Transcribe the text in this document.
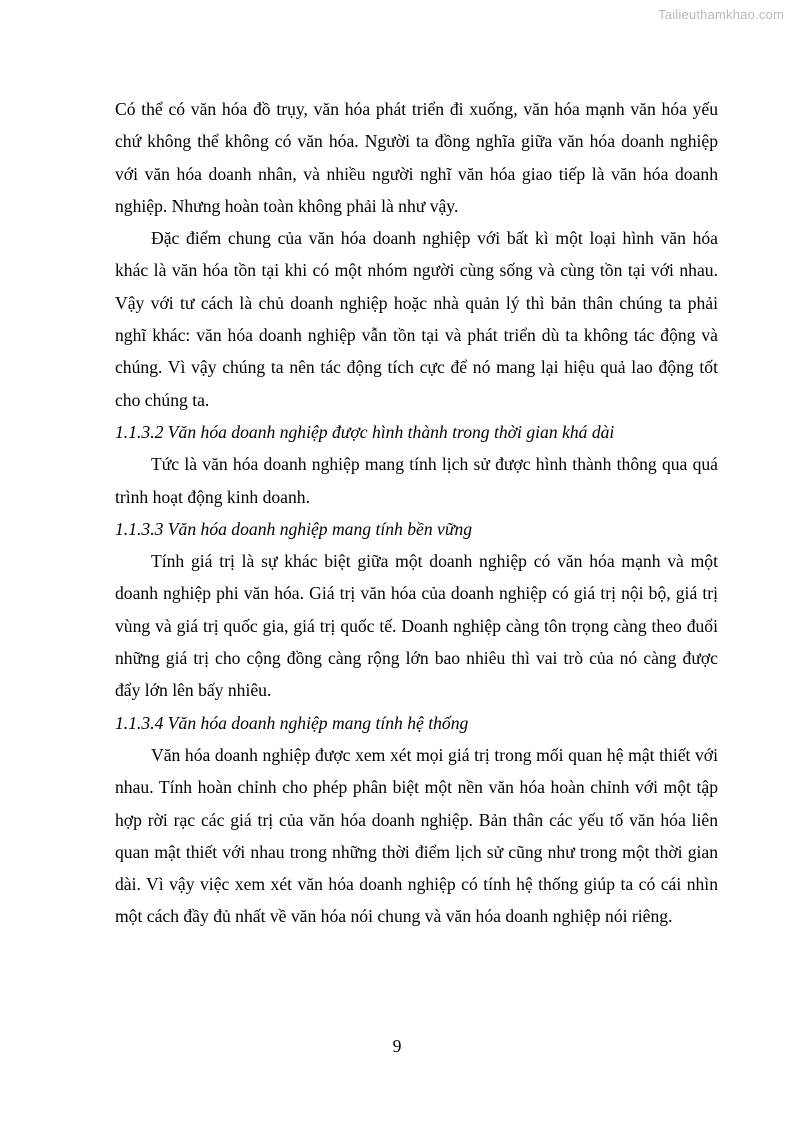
Tailieuthamkhao.com

Có thể có văn hóa đồ trụy, văn hóa phát triển đi xuống, văn hóa mạnh văn hóa yếu chứ không thể không có văn hóa. Người ta đồng nghĩa giữa văn hóa doanh nghiệp với văn hóa doanh nhân, và nhiều người nghĩ văn hóa giao tiếp là văn hóa doanh nghiệp. Nhưng hoàn toàn không phải là như vậy.

Đặc điểm chung của văn hóa doanh nghiệp với bất kì một loại hình văn hóa khác là văn hóa tồn tại khi có một nhóm người cùng sống và cùng tồn tại với nhau. Vậy với tư cách là chủ doanh nghiệp hoặc nhà quản lý thì bản thân chúng ta phải nghĩ khác: văn hóa doanh nghiệp vẫn tồn tại và phát triển dù ta không tác động và chúng. Vì vậy chúng ta nên tác động tích cực để nó mang lại hiệu quả lao động tốt cho chúng ta.

1.1.3.2 Văn hóa doanh nghiệp được hình thành trong thời gian khá dài

Tức là văn hóa doanh nghiệp mang tính lịch sử được hình thành thông qua quá trình hoạt động kinh doanh.

1.1.3.3 Văn hóa doanh nghiệp mang tính bền vững

Tính giá trị là sự khác biệt giữa một doanh nghiệp có văn hóa mạnh và một doanh nghiệp phi văn hóa. Giá trị văn hóa của doanh nghiệp có giá trị nội bộ, giá trị vùng và giá trị quốc gia, giá trị quốc tế. Doanh nghiệp càng tôn trọng càng theo đuổi những giá trị cho cộng đồng càng rộng lớn bao nhiêu thì vai trò của nó càng được đẩy lớn lên bấy nhiêu.

1.1.3.4 Văn hóa doanh nghiệp mang tính hệ thống

Văn hóa doanh nghiệp được xem xét mọi giá trị trong mối quan hệ mật thiết với nhau. Tính hoàn chỉnh cho phép phân biệt một nền văn hóa hoàn chỉnh với một tập hợp rời rạc các giá trị của văn hóa doanh nghiệp. Bản thân các yếu tố văn hóa liên quan mật thiết với nhau trong những thời điểm lịch sử cũng như trong một thời gian dài. Vì vậy việc xem xét văn hóa doanh nghiệp có tính hệ thống giúp ta có cái nhìn một cách đầy đủ nhất về văn hóa nói chung và văn hóa doanh nghiệp nói riêng.

9
